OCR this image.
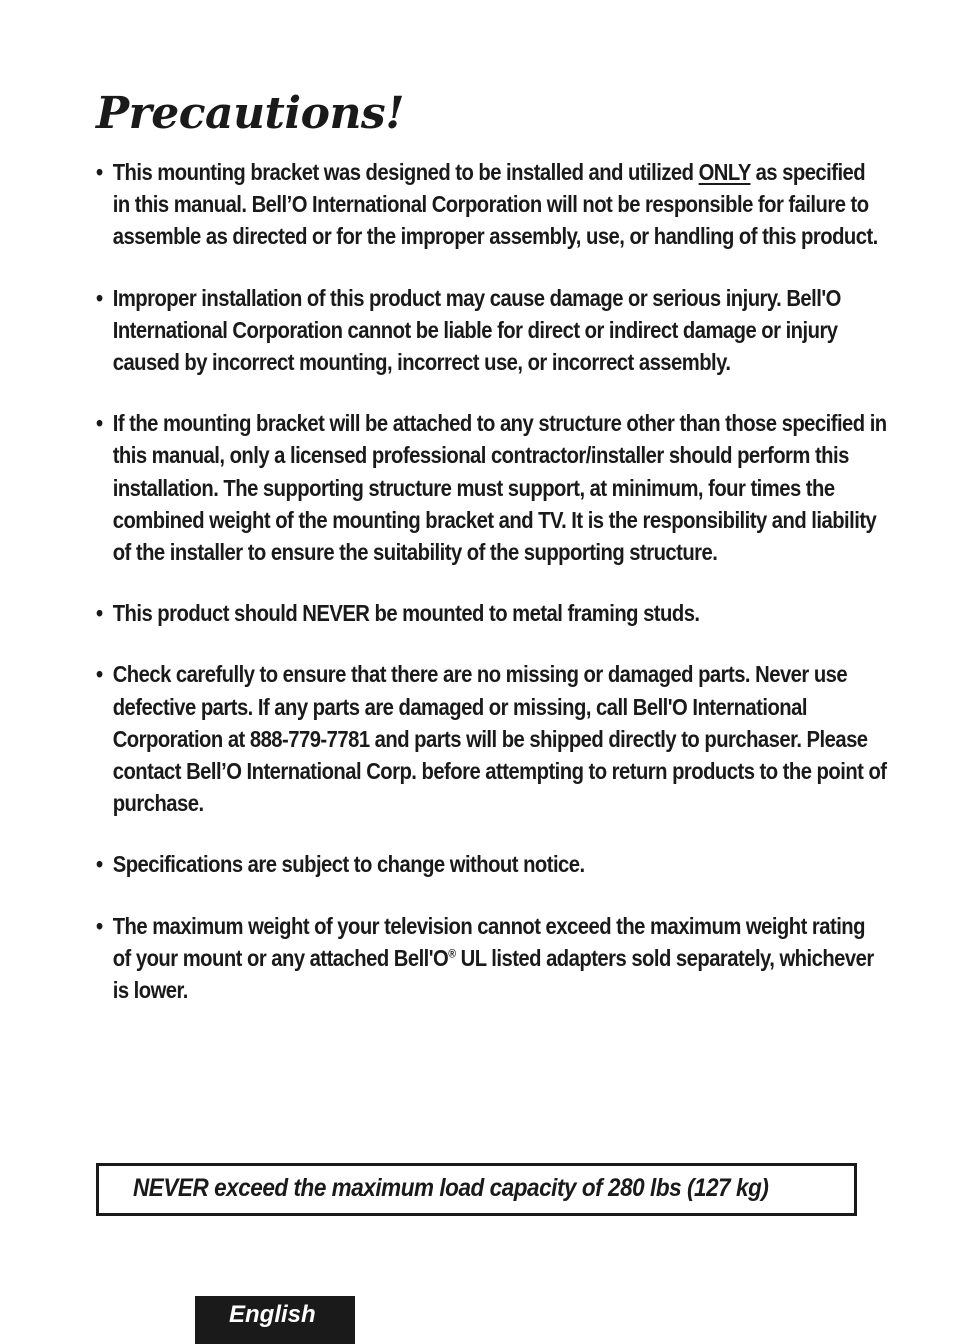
Precautions!
• This mounting bracket was designed to be installed and utilized ONLY as specified in this manual. Bell’O International Corporation will not be responsible for failure to assemble as directed or for the improper assembly, use, or handling of this product.
• Improper installation of this product may cause damage or serious injury. Bell'O International Corporation cannot be liable for direct or indirect damage or injury caused by incorrect mounting, incorrect use, or incorrect assembly.
• If the mounting bracket will be attached to any structure other than those specified in this manual, only a licensed professional contractor/installer should perform this installation. The supporting structure must support, at minimum, four times the combined weight of the mounting bracket and TV. It is the responsibility and liability of the installer to ensure the suitability of the supporting structure.
• This product should NEVER be mounted to metal framing studs.
• Check carefully to ensure that there are no missing or damaged parts. Never use defective parts. If any parts are damaged or missing, call Bell'O International Corporation at 888-779-7781 and parts will be shipped directly to purchaser. Please contact Bell’O International Corp. before attempting to return products to the point of purchase.
• Specifications are subject to change without notice.
• The maximum weight of your television cannot exceed the maximum weight rating of your mount or any attached Bell'O® UL listed adapters sold separately, whichever is lower.
NEVER exceed the maximum load capacity of 280 lbs (127 kg)
English
